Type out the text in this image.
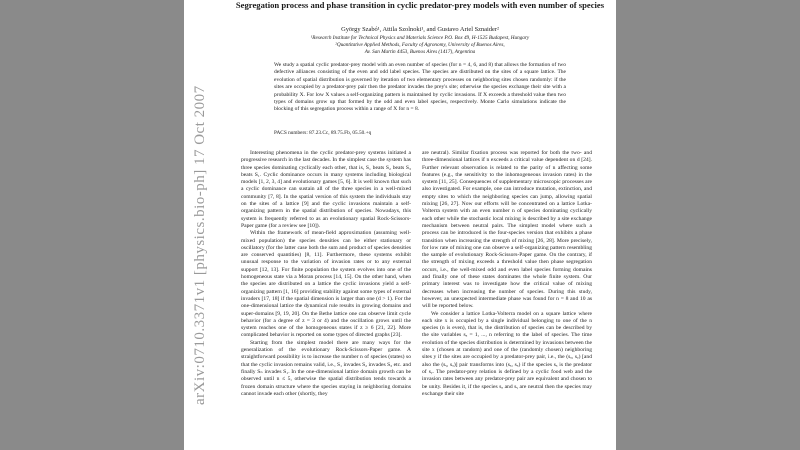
Segregation process and phase transition in cyclic predator-prey models with even number of species
György Szabó¹, Attila Szolnoki¹, and Gustavo Ariel Sznaider²
¹Research Institute for Technical Physics and Materials Science P.O. Box 49, H-1525 Budapest, Hungary
²Quantitative Applied Methods, Faculty of Agronomy, University of Buenos Aires,
Av. San Martin 4453, Buenos Aires (1417), Argentina
We study a spatial cyclic predator-prey model with an even number of species (for n = 4, 6, and 8) that allows the formation of two defective alliances consisting of the even and odd label species. The species are distributed on the sites of a square lattice. The evolution of spatial distribution is governed by iteration of two elementary processes on neighboring sites chosen randomly: if the sites are occupied by a predator-prey pair then the predator invades the prey's site; otherwise the species exchange their site with a probability X. For low X values a self-organizing pattern is maintained by cyclic invasions. If X exceeds a threshold value then two types of domains grow up that formed by the odd and even label species, respectively. Monte Carlo simulations indicate the blocking of this segregation process within a range of X for n = 8.
PACS numbers: 87.23.Cc, 89.75.Fb, 05.50.+q

Interesting phenomena in the cyclic predator-prey systems initiated a progressive research in the last decades. In the simplest case the system has three species dominating cyclically each other, that is, S₁ beats S₂ beats S₃ beats S₁. Cyclic dominance occurs in many systems including biological models [1, 2, 3, 4] and evolutionary games [5, 6]. It is well known that such a cyclic dominance can sustain all of the three species in a well-mixed community [7, 8]. In the spatial version of this system the individuals stay on the sites of a lattice [9] and the cyclic invasions maintain a self-organizing pattern in the spatial distribution of species. Nowadays, this system is frequently referred to as an evolutionary spatial Rock-Scissors-Paper game (for a review see [10]).

Within the framework of mean-field approximation (assuming well-mixed population) the species densities can be either stationary or oscillatory (for the latter case both the sum and product of species densities are conserved quantities) [8, 11]. Furthermore, these systems exhibit unusual response to the variation of invasion rates or to any external support [12, 13]. For finite population the system evolves into one of the homogeneous state via a Moran process [14, 15]. On the other hand, when the species are distributed on a lattice the cyclic invasions yield a self-organizing pattern [1, 16] providing stability against some types of external invaders [17, 18] if the spatial dimension is larger than one (d > 1). For the one-dimensional lattice the dynamical rule results in growing domains and super-domains [9, 19, 20]. On the Bethe lattice one can observe limit cycle behavior (for a degree of z = 3 or 4) and the oscillation grows until the system reaches one of the homogeneous states if z ≥ 6 [21, 22]. More complicated behavior is reported on some types of directed graphs [23].

Starting from the simplest model there are many ways for the generalization of the evolutionary Rock-Scissors-Paper game. A straightforward possibility is to increase the number n of species (states) so that the cyclic invasion remains valid, i.e., S₁ invades S₂ invades S₃ etc. and finally Sₙ invades S₁. In the one-dimensional lattice domain growth can be observed until n ≤ 5, otherwise the spatial distribution tends towards a frozen domain structure where the species staying in neighboring domains cannot invade each other (shortly, they

are neutral). Similar fixation process was reported for both the two- and three-dimensional lattices if n exceeds a critical value dependent on d [24]. Further relevant observation is related to the parity of n affecting some features (e.g., the sensitivity to the inhomogeneous invasion rates) in the system [11, 25]. Consequences of supplementary microscopic processes are also investigated. For example, one can introduce mutation, extinction, and empty sites to which the neighboring species can jump, allowing spatial mixing [26, 27]. Now our efforts will be concentrated on a lattice Lotka-Volterra system with an even number n of species dominating cyclically each other while the stochastic local mixing is described by a site exchange mechanism between neutral pairs. The simplest model where such a process can be introduced is the four-species version that exhibits a phase transition when increasing the strength of mixing [26, 28]. More precisely, for low rate of mixing one can observe a self-organizing pattern resembling the sample of evolutionary Rock-Scissors-Paper game. On the contrary, if the strength of mixing exceeds a threshold value then phase segregation occurs, i.e., the well-mixed odd and even label species forming domains and finally one of these states dominates the whole finite system. Our primary interest was to investigate how the critical value of mixing decreases when increasing the number of species. During this study, however, an unexpected intermediate phase was found for n = 8 and 10 as will be reported below.

We consider a lattice Lotka-Volterra model on a square lattice where each site x is occupied by a single individual belonging to one of the n species (n is even), that is, the distribution of species can be described by the site variables sₓ = 1, ..., n referring to the label of species. The time evolution of the species distribution is determined by invasions between the site x (chosen at random) and one of the (randomly chosen) neighboring sites y if the sites are occupied by a predator-prey pair, i.e., the (sₓ, sᵧ) [and also the (sᵧ, sₓ)] pair transforms into (sₓ, sₓ) if the species sₓ is the predator of sᵧ. The predator-prey relation is defined by a cyclic food web and the invasion rates between any predator-prey pair are equivalent and chosen to be unity. Besides it, if the species sₓ and sᵧ are neutral then the species may exchange their site

arXiv:0710.3371v1 [physics.bio-ph] 17 Oct 2007
